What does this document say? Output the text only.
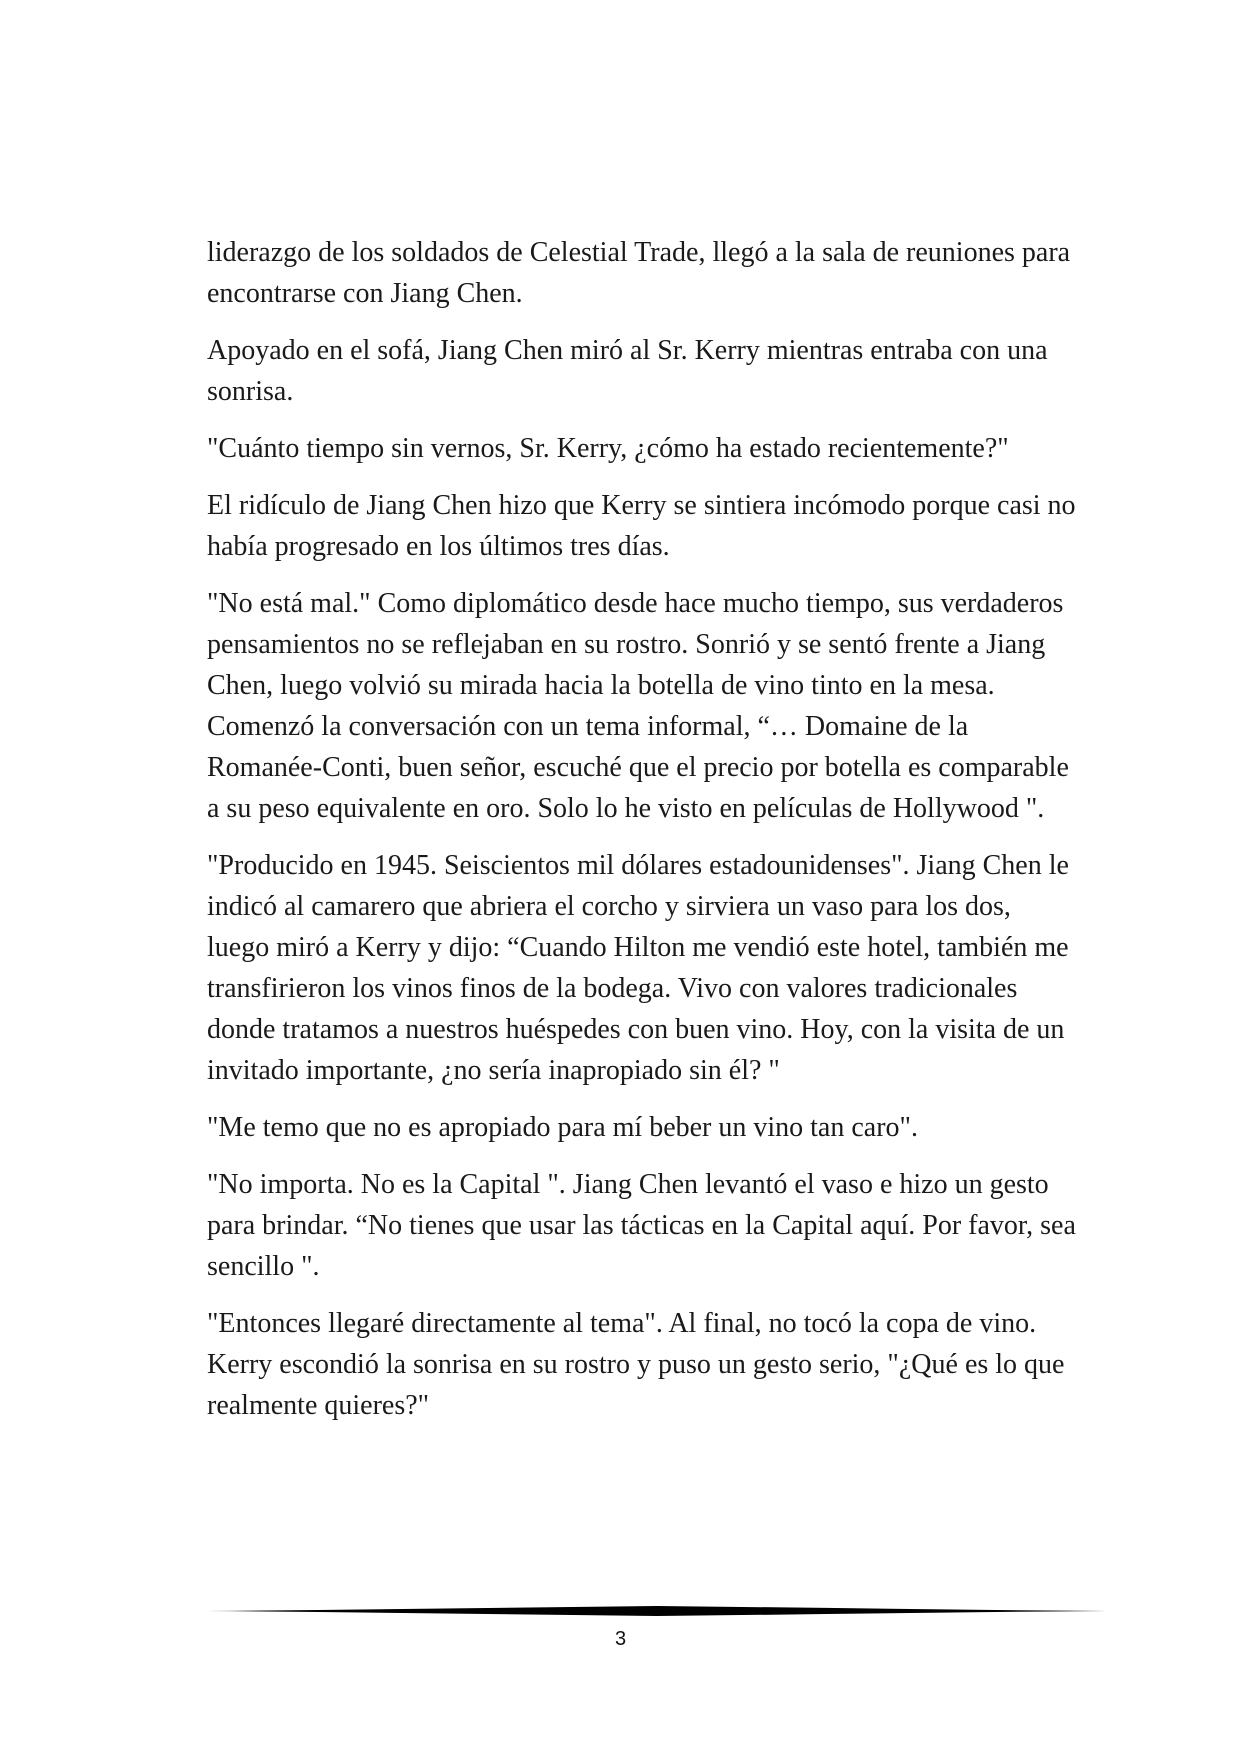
liderazgo de los soldados de Celestial Trade, llegó a la sala de reuniones para encontrarse con Jiang Chen.

Apoyado en el sofá, Jiang Chen miró al Sr. Kerry mientras entraba con una sonrisa.

"Cuánto tiempo sin vernos, Sr. Kerry, ¿cómo ha estado recientemente?"

El ridículo de Jiang Chen hizo que Kerry se sintiera incómodo porque casi no había progresado en los últimos tres días.

"No está mal." Como diplomático desde hace mucho tiempo, sus verdaderos pensamientos no se reflejaban en su rostro. Sonrió y se sentó frente a Jiang Chen, luego volvió su mirada hacia la botella de vino tinto en la mesa. Comenzó la conversación con un tema informal, “… Domaine de la Romanée-Conti, buen señor, escuché que el precio por botella es comparable a su peso equivalente en oro. Solo lo he visto en películas de Hollywood ".

"Producido en 1945. Seiscientos mil dólares estadounidenses". Jiang Chen le indicó al camarero que abriera el corcho y sirviera un vaso para los dos, luego miró a Kerry y dijo: “Cuando Hilton me vendió este hotel, también me transfirieron los vinos finos de la bodega. Vivo con valores tradicionales donde tratamos a nuestros huéspedes con buen vino. Hoy, con la visita de un invitado importante, ¿no sería inapropiado sin él? "

"Me temo que no es apropiado para mí beber un vino tan caro".

"No importa. No es la Capital ". Jiang Chen levantó el vaso e hizo un gesto para brindar. “No tienes que usar las tácticas en la Capital aquí. Por favor, sea sencillo ".

"Entonces llegaré directamente al tema". Al final, no tocó la copa de vino. Kerry escondió la sonrisa en su rostro y puso un gesto serio, "¿Qué es lo que realmente quieres?"

3
